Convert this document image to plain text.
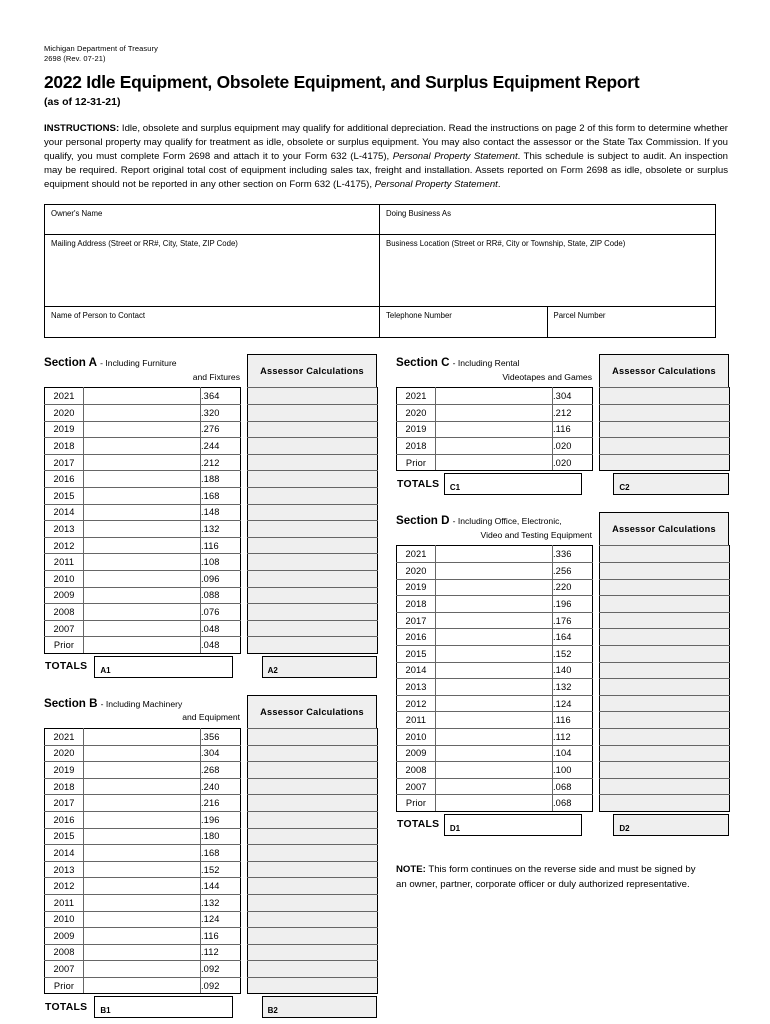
Michigan Department of Treasury
2698 (Rev. 07-21)
2022 Idle Equipment, Obsolete Equipment, and Surplus Equipment Report
(as of 12-31-21)
INSTRUCTIONS: Idle, obsolete and surplus equipment may qualify for additional depreciation. Read the instructions on page 2 of this form to determine whether your personal property may qualify for treatment as idle, obsolete or surplus equipment. You may also contact the assessor or the State Tax Commission. If you qualify, you must complete Form 2698 and attach it to your Form 632 (L-4175), Personal Property Statement. This schedule is subject to audit. An inspection may be required. Report original total cost of equipment including sales tax, freight and installation. Assets reported on Form 2698 as idle, obsolete or surplus equipment should not be reported in any other section on Form 632 (L-4175), Personal Property Statement.
Owner's Name	Doing Business As
Mailing Address (Street or RR#, City, State, ZIP Code)	Business Location (Street or RR#, City or Township, State, ZIP Code)
Name of Person to Contact	Telephone Number	Parcel Number
Section A - Including Furniture
and Fixtures
Assessor Calculations
2021		.364		
2020		.320		
2019		.276		
2018		.244		
2017		.212		
2016		.188		
2015		.168		
2014		.148		
2013		.132		
2012		.116		
2011		.108		
2010		.096		
2009		.088		
2008		.076		
2007		.048		
Prior		.048		
TOTALS	A1	A2
Section B - Including Machinery
and Equipment
Assessor Calculations
2021		.356		
2020		.304		
2019		.268		
2018		.240		
2017		.216		
2016		.196		
2015		.180		
2014		.168		
2013		.152		
2012		.144		
2011		.132		
2010		.124		
2009		.116		
2008		.112		
2007		.092		
Prior		.092		
TOTALS	B1	B2
Section C - Including Rental
Videotapes and Games
Assessor Calculations
2021		.304		
2020		.212		
2019		.116		
2018		.020		
Prior		.020		
TOTALS	C1	C2
Section D - Including Office, Electronic,
Video and Testing Equipment
Assessor Calculations
2021		.336		
2020		.256		
2019		.220		
2018		.196		
2017		.176		
2016		.164		
2015		.152		
2014		.140		
2013		.132		
2012		.124		
2011		.116		
2010		.112		
2009		.104		
2008		.100		
2007		.068		
Prior		.068		
TOTALS	D1	D2
NOTE: This form continues on the reverse side and must be signed by an owner, partner, corporate officer or duly authorized representative.
